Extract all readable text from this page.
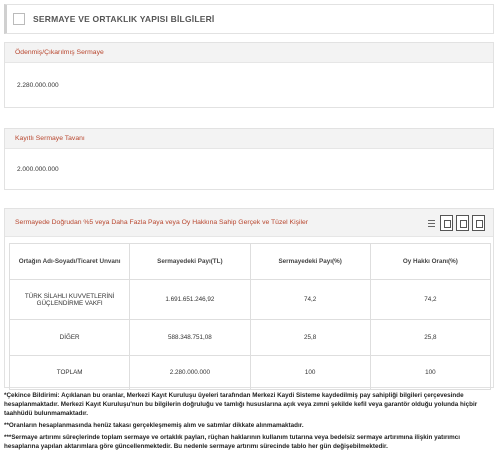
SERMAYE VE ORTAKLIK YAPISI BİLGİLERİ
Ödenmiş/Çıkarılmış Sermaye
2.280.000.000
Kayıtlı Sermaye Tavanı
2.000.000.000
Sermayede Doğrudan %5 veya Daha Fazla Paya veya Oy Hakkına Sahip Gerçek ve Tüzel Kişiler
Ortağın Adı-Soyadı/Ticaret Unvanı	Sermayedeki Payı(TL)	Sermayedeki Payı(%)	Oy Hakkı Oranı(%)
TÜRK SİLAHLI KUVVETLERİNİ GÜÇLENDİRME VAKFI	1.691.651.246,92	74,2	74,2
DİĞER	588.348.751,08	25,8	25,8
TOPLAM	2.280.000.000	100	100

*Çekince Bildirimi: Açıklanan bu oranlar, Merkezi Kayıt Kuruluşu üyeleri tarafından Merkezi Kaydi Sisteme kaydedilmiş pay sahipliği bilgileri çerçevesinde hesaplanmaktadır. Merkezi Kayıt Kuruluşu'nun bu bilgilerin doğruluğu ve tamlığı hususlarına açık veya zımni şekilde kefil veya garantör olduğu yolunda hiçbir taahhüdü bulunmamaktadır.

**Oranların hesaplanmasında henüz takası gerçekleşmemiş alım ve satımlar dikkate alınmamaktadır.

***Sermaye artırımı süreçlerinde toplam sermaye ve ortaklık payları, rüçhan haklarının kullanım tutarına veya bedelsiz sermaye artırımına ilişkin yatırımcı hesaplarına yapılan aktarımlara göre güncellenmektedir. Bu nedenle sermaye artırımı sürecinde tablo her gün değişebilmektedir.
